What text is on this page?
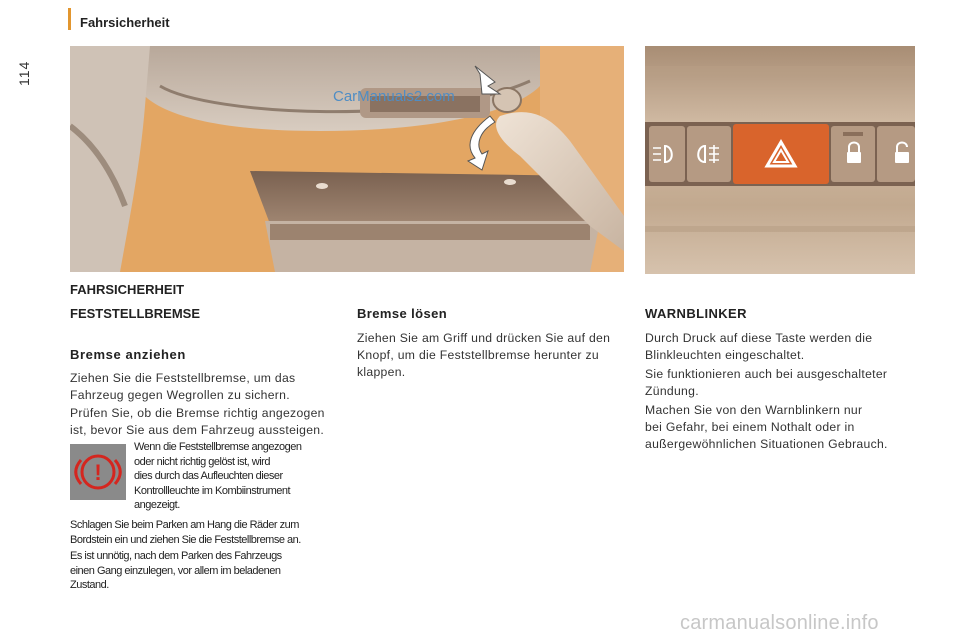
114
Fahrsicherheit
CarManuals2.com
FAHRSICHERHEIT
FESTSTELLBREMSE
Bremse anziehen
Ziehen Sie die Feststellbremse, um das
Fahrzeug gegen Wegrollen zu sichern.
Prüfen Sie, ob die Bremse richtig angezogen
ist, bevor Sie aus dem Fahrzeug aussteigen.
!
Wenn die Feststellbremse angezogen
oder nicht richtig gelöst ist, wird
dies durch das Aufleuchten dieser
Kontrollleuchte im Kombiinstrument
angezeigt.
Schlagen Sie beim Parken am Hang die Räder zum
Bordstein ein und ziehen Sie die Feststellbremse an.
Es ist unnötig, nach dem Parken des Fahrzeugs
einen Gang einzulegen, vor allem im beladenen
Zustand.
Bremse lösen
Ziehen Sie am Griff und drücken Sie auf den
Knopf, um die Feststellbremse herunter zu
klappen.
WARNBLINKER
Durch Druck auf diese Taste werden die
Blinkleuchten eingeschaltet.
Sie funktionieren auch bei ausgeschalteter
Zündung.
Machen Sie von den Warnblinkern nur
bei Gefahr, bei einem Nothalt oder in
außergewöhnlichen Situationen Gebrauch.
carmanualsonline.info
